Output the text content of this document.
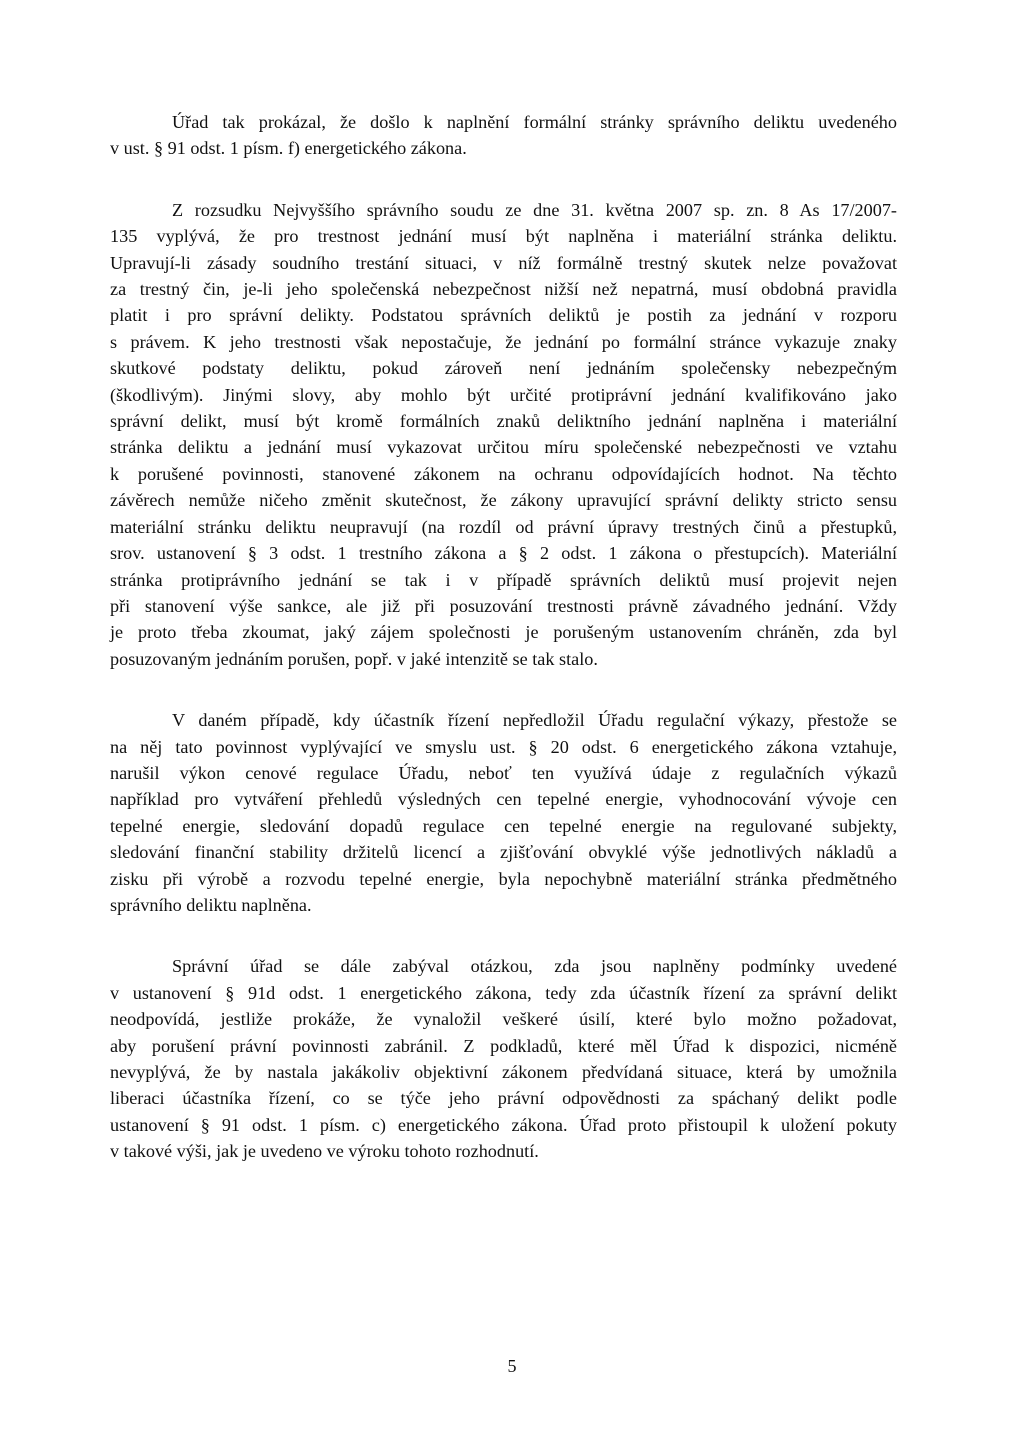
Úřad tak prokázal, že došlo k naplnění formální stránky správního deliktu uvedeného
v ust. § 91 odst. 1 písm. f) energetického zákona.
Z rozsudku Nejvyššího správního soudu ze dne 31. května 2007 sp. zn. 8 As 17/2007-
135 vyplývá, že pro trestnost jednání musí být naplněna i materiální stránka deliktu.
Upravují-li zásady soudního trestání situaci, v níž formálně trestný skutek nelze považovat
za trestný čin, je-li jeho společenská nebezpečnost nižší než nepatrná, musí obdobná pravidla
platit i pro správní delikty. Podstatou správních deliktů je postih za jednání v rozporu
s právem. K jeho trestnosti však nepostačuje, že jednání po formální stránce vykazuje znaky
skutkové podstaty deliktu, pokud zároveň není jednáním společensky nebezpečným
(škodlivým). Jinými slovy, aby mohlo být určité protiprávní jednání kvalifikováno jako
správní delikt, musí být kromě formálních znaků deliktního jednání naplněna i materiální
stránka deliktu a jednání musí vykazovat určitou míru společenské nebezpečnosti ve vztahu
k porušené povinnosti, stanovené zákonem na ochranu odpovídajících hodnot. Na těchto
závěrech nemůže ničeho změnit skutečnost, že zákony upravující správní delikty stricto sensu
materiální stránku deliktu neupravují (na rozdíl od právní úpravy trestných činů a přestupků,
srov. ustanovení § 3 odst. 1 trestního zákona a § 2 odst. 1 zákona o přestupcích). Materiální
stránka protiprávního jednání se tak i v případě správních deliktů musí projevit nejen
při stanovení výše sankce, ale již při posuzování trestnosti právně závadného jednání. Vždy
je proto třeba zkoumat, jaký zájem společnosti je porušeným ustanovením chráněn, zda byl
posuzovaným jednáním porušen, popř. v jaké intenzitě se tak stalo.
V daném případě, kdy účastník řízení nepředložil Úřadu regulační výkazy, přestože se
na něj tato povinnost vyplývající ve smyslu ust. § 20 odst. 6 energetického zákona vztahuje,
narušil výkon cenové regulace Úřadu, neboť ten využívá údaje z regulačních výkazů
například pro vytváření přehledů výsledných cen tepelné energie, vyhodnocování vývoje cen
tepelné energie, sledování dopadů regulace cen tepelné energie na regulované subjekty,
sledování finanční stability držitelů licencí a zjišťování obvyklé výše jednotlivých nákladů a
zisku při výrobě a rozvodu tepelné energie, byla nepochybně materiální stránka předmětného
správního deliktu naplněna.
Správní úřad se dále zabýval otázkou, zda jsou naplněny podmínky uvedené
v ustanovení § 91d odst. 1 energetického zákona, tedy zda účastník řízení za správní delikt
neodpovídá, jestliže prokáže, že vynaložil veškeré úsilí, které bylo možno požadovat,
aby porušení právní povinnosti zabránil. Z podkladů, které měl Úřad k dispozici, nicméně
nevyplývá, že by nastala jakákoliv objektivní zákonem předvídaná situace, která by umožnila
liberaci účastníka řízení, co se týče jeho právní odpovědnosti za spáchaný delikt podle
ustanovení § 91 odst. 1 písm. c) energetického zákona. Úřad proto přistoupil k uložení pokuty
v takové výši, jak je uvedeno ve výroku tohoto rozhodnutí.
5
